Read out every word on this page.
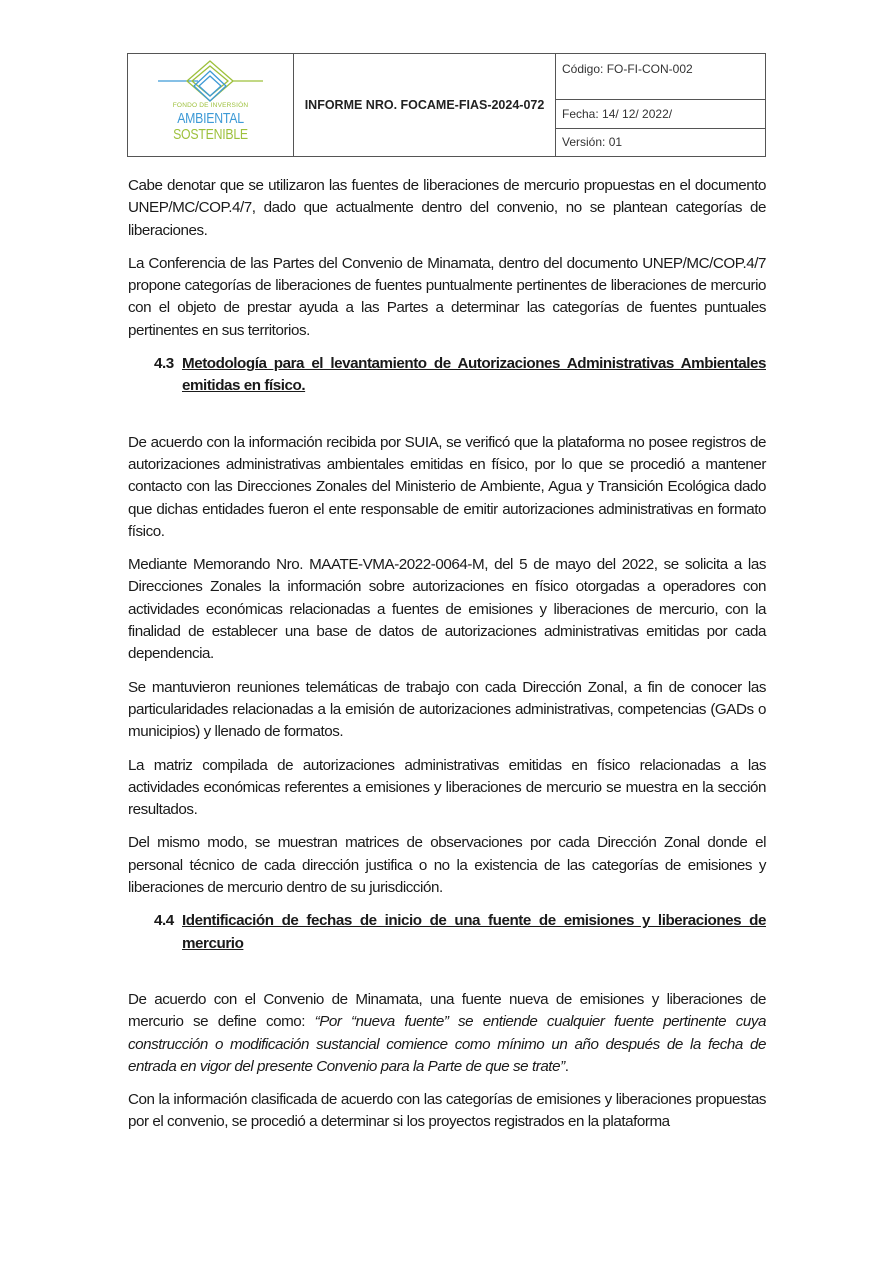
FONDO DE INVERSIÓN
AMBIENTAL
SOSTENIBLE
INFORME NRO. FOCAME-FIAS-2024-072
Código: FO-FI-CON-002
Fecha: 14/ 12/ 2022/
Versión: 01

Cabe denotar que se utilizaron las fuentes de liberaciones de mercurio propuestas en el documento UNEP/MC/COP.4/7, dado que actualmente dentro del convenio, no se plantean categorías de liberaciones.

La Conferencia de las Partes del Convenio de Minamata, dentro del documento UNEP/MC/COP.4/7 propone categorías de liberaciones de fuentes puntualmente pertinentes de liberaciones de mercurio con el objeto de prestar ayuda a las Partes a determinar las categorías de fuentes puntuales pertinentes en sus territorios.

4.3 Metodología para el levantamiento de Autorizaciones Administrativas Ambientales emitidas en físico.

De acuerdo con la información recibida por SUIA, se verificó que la plataforma no posee registros de autorizaciones administrativas ambientales emitidas en físico, por lo que se procedió a mantener contacto con las Direcciones Zonales del Ministerio de Ambiente, Agua y Transición Ecológica dado que dichas entidades fueron el ente responsable de emitir autorizaciones administrativas en formato físico.

Mediante Memorando Nro. MAATE-VMA-2022-0064-M, del 5 de mayo del 2022, se solicita a las Direcciones Zonales la información sobre autorizaciones en físico otorgadas a operadores con actividades económicas relacionadas a fuentes de emisiones y liberaciones de mercurio, con la finalidad de establecer una base de datos de autorizaciones administrativas emitidas por cada dependencia.

Se mantuvieron reuniones telemáticas de trabajo con cada Dirección Zonal, a fin de conocer las particularidades relacionadas a la emisión de autorizaciones administrativas, competencias (GADs o municipios) y llenado de formatos.

La matriz compilada de autorizaciones administrativas emitidas en físico relacionadas a las actividades económicas referentes a emisiones y liberaciones de mercurio se muestra en la sección resultados.

Del mismo modo, se muestran matrices de observaciones por cada Dirección Zonal donde el personal técnico de cada dirección justifica o no la existencia de las categorías de emisiones y liberaciones de mercurio dentro de su jurisdicción.

4.4 Identificación de fechas de inicio de una fuente de emisiones y liberaciones de mercurio

De acuerdo con el Convenio de Minamata, una fuente nueva de emisiones y liberaciones de mercurio se define como: “Por “nueva fuente” se entiende cualquier fuente pertinente cuya construcción o modificación sustancial comience como mínimo un año después de la fecha de entrada en vigor del presente Convenio para la Parte de que se trate”.

Con la información clasificada de acuerdo con las categorías de emisiones y liberaciones propuestas por el convenio, se procedió a determinar si los proyectos registrados en la plataforma
